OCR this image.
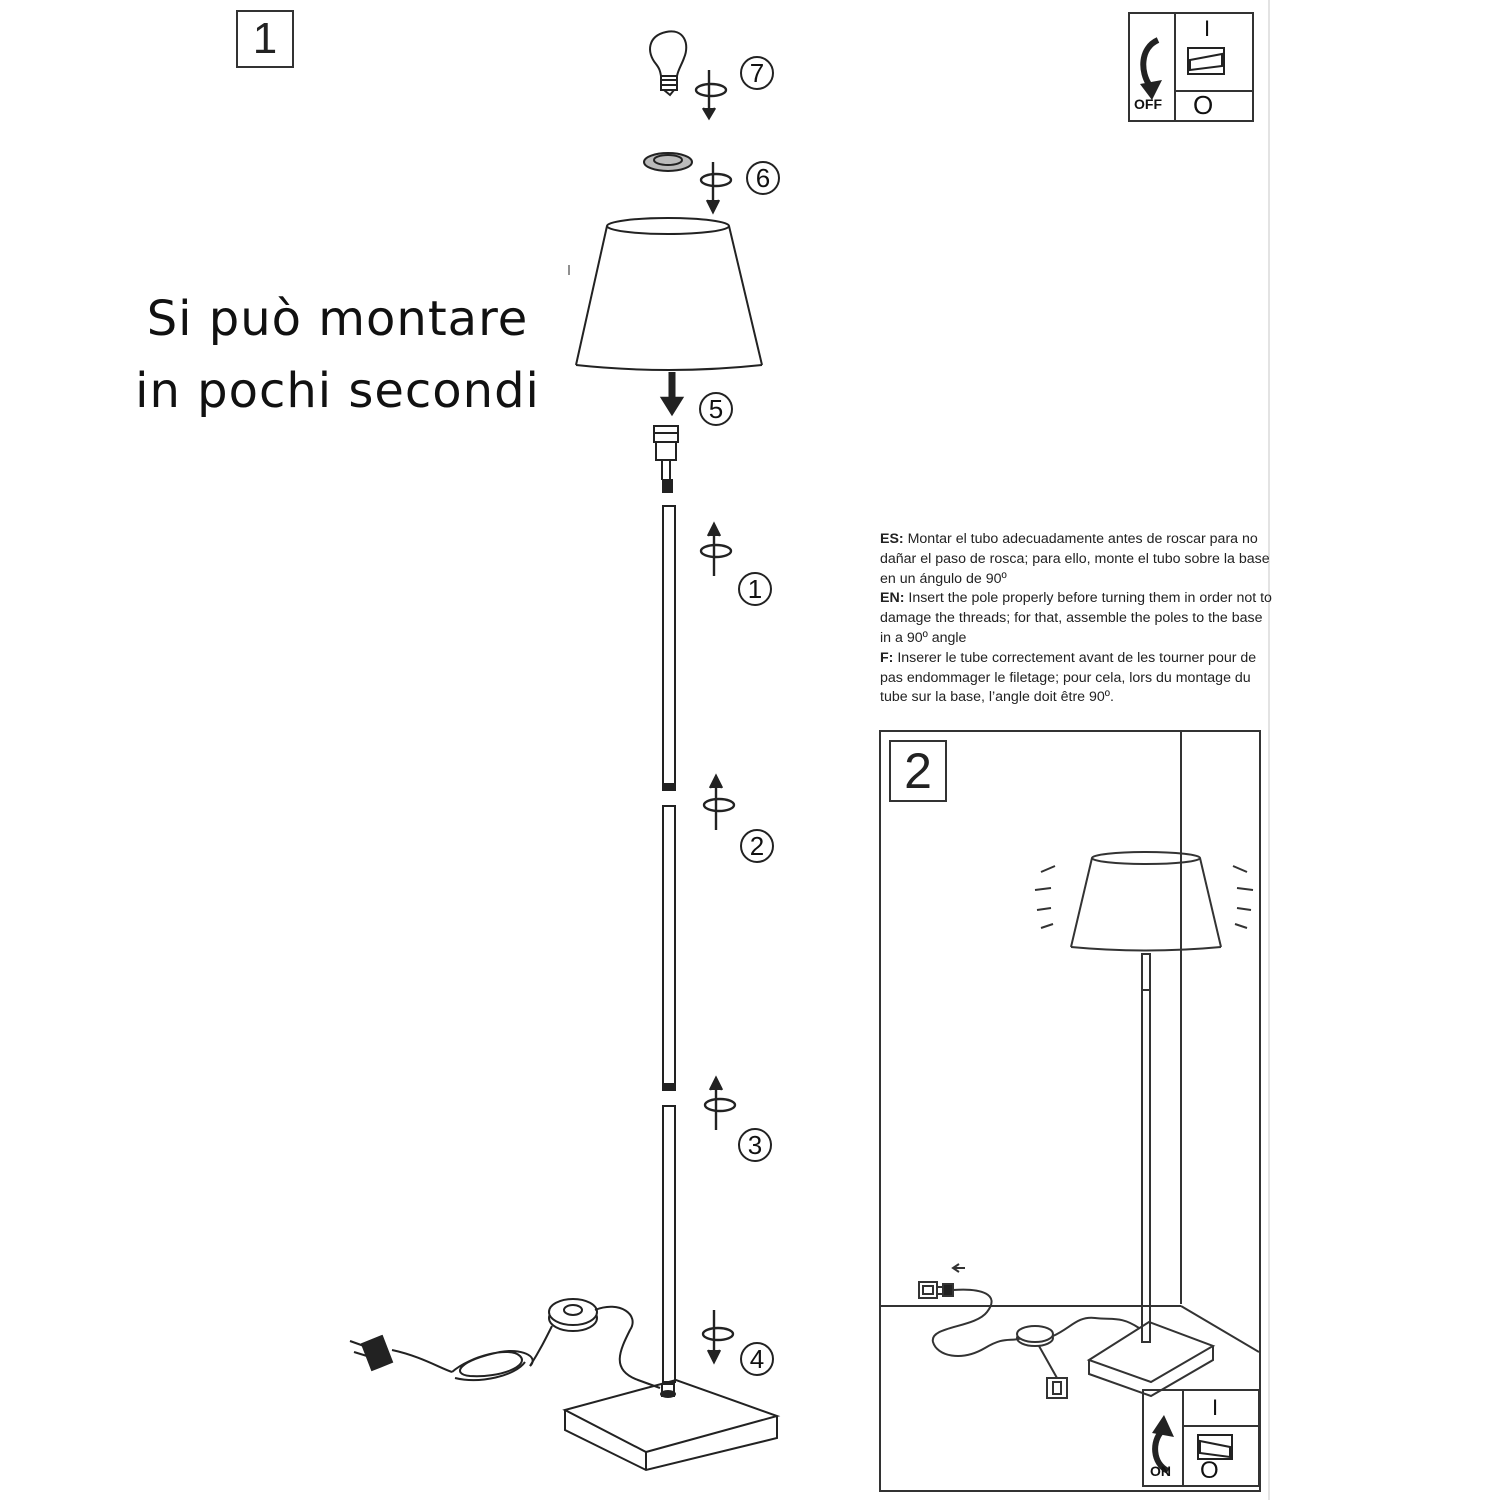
1
Si può montare
in pochi secondi
7
6
5
1
2
3
4
OFF
I
O

ES: Montar el tubo adecuadamente antes de roscar para no dañar el paso de rosca; para ello, monte el tubo sobre la base en un ángulo de 90º

EN: Insert the pole properly before turning them in order not to damage the threads; for that, assemble the poles to the base in a 90º angle

F: Inserer le tube correctement avant de les tourner pour de pas endommager le filetage; pour cela, lors du montage du tube sur la base, l’angle doit être 90º.

2
ON
I
O
